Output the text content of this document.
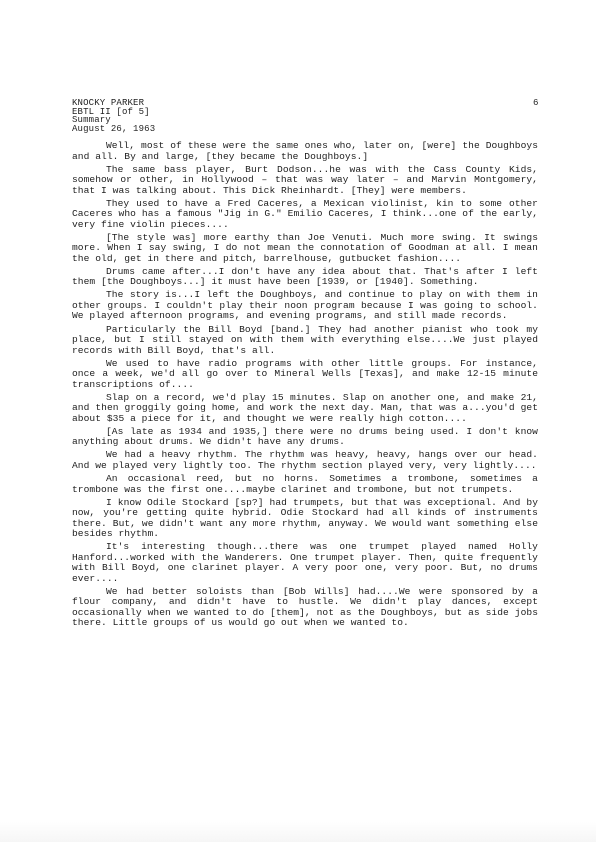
KNOCKY PARKER
EBTL II [of 5]
Summary
August 26, 1963
6

Well, most of these were the same ones who, later on, [were] the Doughboys and all. By and large, [they became the Doughboys.]

The same bass player, Burt Dodson...he was with the Cass County Kids, somehow or other, in Hollywood – that was way later – and Marvin Montgomery, that I was talking about. This Dick Rheinhardt. [They] were members.

They used to have a Fred Caceres, a Mexican violinist, kin to some other Caceres who has a famous "Jig in G." Emilio Caceres, I think...one of the early, very fine violin pieces....

[The style was] more earthy than Joe Venuti. Much more swing. It swings more. When I say swing, I do not mean the connotation of Goodman at all. I mean the old, get in there and pitch, barrelhouse, gutbucket fashion....

Drums came after...I don't have any idea about that. That's after I left them [the Doughboys...] it must have been [1939, or [1940]. Something.

The story is...I left the Doughboys, and continue to play on with them in other groups. I couldn't play their noon program because I was going to school. We played afternoon programs, and evening programs, and still made records.

Particularly the Bill Boyd [band.] They had another pianist who took my place, but I still stayed on with them with everything else....We just played records with Bill Boyd, that's all.

We used to have radio programs with other little groups. For instance, once a week, we'd all go over to Mineral Wells [Texas], and make 12-15 minute transcriptions of....

Slap on a record, we'd play 15 minutes. Slap on another one, and make 21, and then groggily going home, and work the next day. Man, that was a...you'd get about $35 a piece for it, and thought we were really high cotton....

[As late as 1934 and 1935,] there were no drums being used. I don't know anything about drums. We didn't have any drums.

We had a heavy rhythm. The rhythm was heavy, heavy, hangs over our head. And we played very lightly too. The rhythm section played very, very lightly....

An occasional reed, but no horns. Sometimes a trombone, sometimes a trombone was the first one....maybe clarinet and trombone, but not trumpets.

I know Odile Stockard [sp?] had trumpets, but that was exceptional. And by now, you're getting quite hybrid. Odie Stockard had all kinds of instruments there. But, we didn't want any more rhythm, anyway. We would want something else besides rhythm.

It's interesting though...there was one trumpet played named Holly Hanford...worked with the Wanderers. One trumpet player. Then, quite frequently with Bill Boyd, one clarinet player. A very poor one, very poor. But, no drums ever....

We had better soloists than [Bob Wills] had....We were sponsored by a flour company, and didn't have to hustle. We didn't play dances, except occasionally when we wanted to do [them], not as the Doughboys, but as side jobs there. Little groups of us would go out when we wanted to.
